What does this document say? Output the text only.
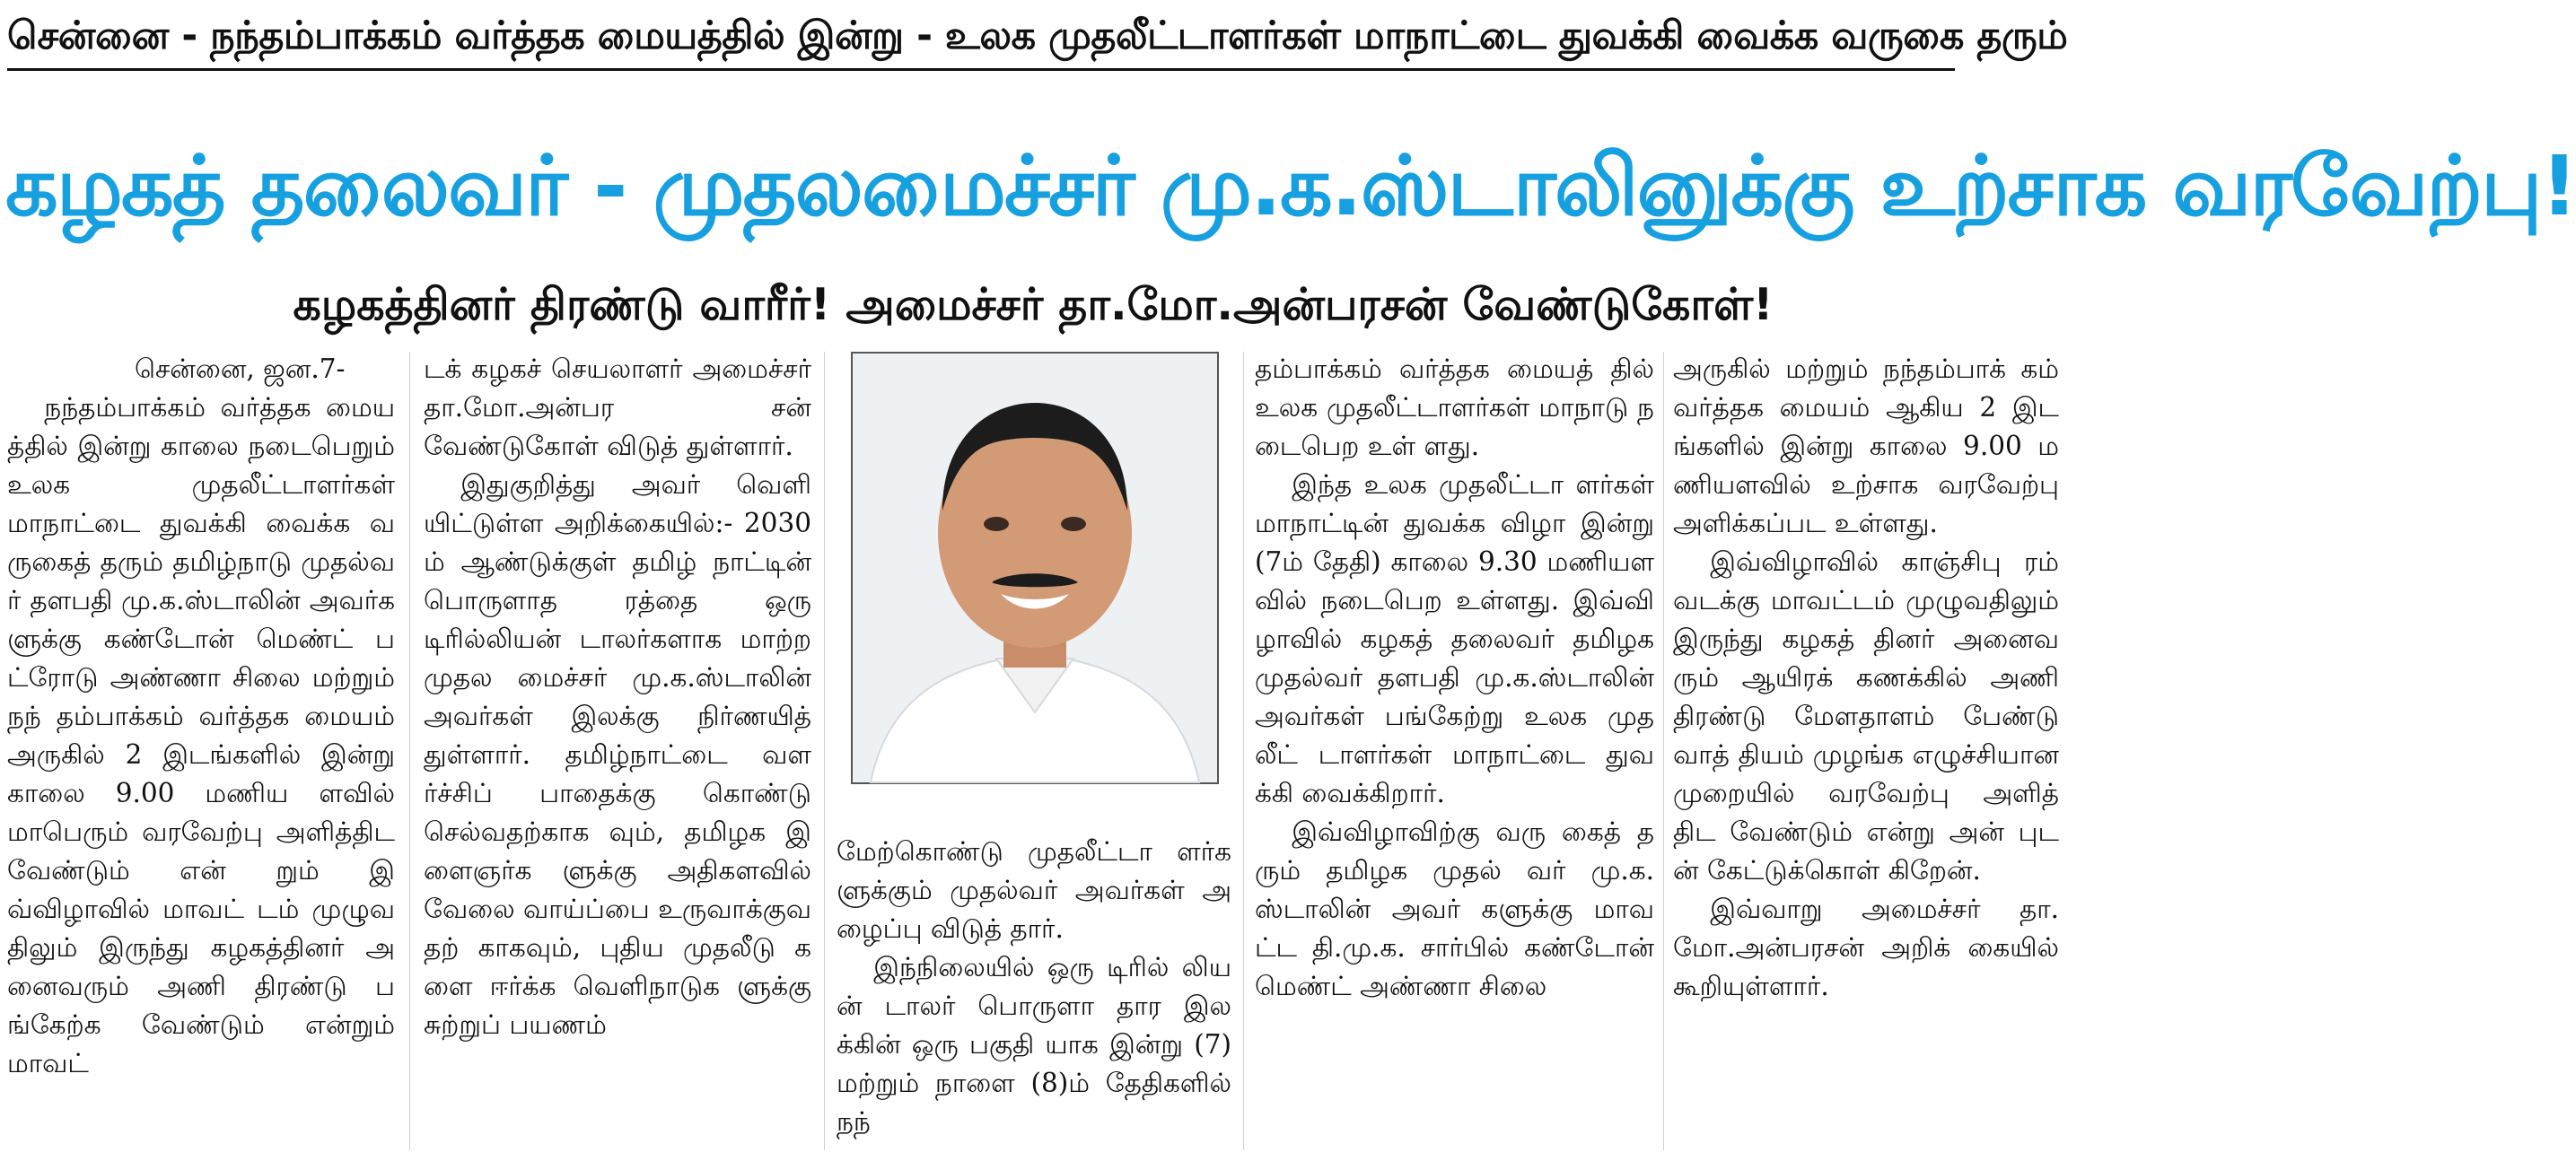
சென்னை - நந்தம்பாக்கம் வர்த்தக மையத்தில் இன்று - உலக முதலீட்டாளர்கள் மாநாட்டை துவக்கி வைக்க வருகை தரும்
கழகத் தலைவர் - முதலமைச்சர் மு.க.ஸ்டாலினுக்கு உற்சாக வரவேற்பு!
கழகத்தினர் திரண்டு வாரீர்! அமைச்சர் தா.மோ.அன்பரசன் வேண்டுகோள்!

சென்னை, ஜன.7-

நந்தம்பாக்கம் வர்த்தக மையத்தில் இன்று காலை நடைபெறும் உலக முதலீட்டாளர்கள் மாநாட்டை துவக்கி வைக்க வருகைத் தரும் தமிழ்நாடு முதல்வர் தளபதி மு.க.ஸ்டாலின் அவர்களுக்கு கண்டோன் மெண்ட் பட்ரோடு அண்ணா சிலை மற்றும் நந் தம்பாக்கம் வர்த்தக மையம் அருகில் 2 இடங்களில் இன்று காலை 9.00 மணிய ளவில் மாபெரும் வரவேற்பு அளித்திட வேண்டும் என் றும் இவ்விழாவில் மாவட் டம் முழுவதிலும் இருந்து கழகத்தினர் அனைவரும் அணி திரண்டு பங்கேற்க வேண்டும் என்றும் மாவட்

டக் கழகச் செயலாளர் அமைச்சர் தா.மோ.அன்பர சன் வேண்டுகோள் விடுத் துள்ளார்.

இதுகுறித்து அவர் வெளி யிட்டுள்ள அறிக்கையில்:- 2030ம் ஆண்டுக்குள் தமிழ் நாட்டின் பொருளாத ரத்தை ஒரு டிரில்லியன் டாலர்களாக மாற்ற முதல மைச்சர் மு.க.ஸ்டாலின் அவர்கள் இலக்கு நிர்ணயித் துள்ளார். தமிழ்நாட்டை வளர்ச்சிப் பாதைக்கு கொண்டு செல்வதற்காக வும், தமிழக இளைஞர்க ளுக்கு அதிகளவில் வேலை வாய்ப்பை உருவாக்குவதற் காகவும், புதிய முதலீடு களை ஈர்க்க வெளிநாடுக ளுக்கு சுற்றுப் பயணம்

மேற்கொண்டு முதலீட்டா ளர்களுக்கும் முதல்வர் அவர்கள் அழைப்பு விடுத் தார்.

இந்நிலையில் ஒரு டிரில் லியன் டாலர் பொருளா தார இலக்கின் ஒரு பகுதி யாக இன்று (7) மற்றும் நாளை (8)ம் தேதிகளில் நந்

தம்பாக்கம் வர்த்தக மையத் தில் உலக முதலீட்டாளர்கள் மாநாடு நடைபெற உள் ளது.

இந்த உலக முதலீட்டா ளர்கள் மாநாட்டின் துவக்க விழா இன்று (7ம் தேதி) காலை 9.30 மணியளவில் நடைபெற உள்ளது. இவ்வி ழாவில் கழகத் தலைவர் தமிழக முதல்வர் தளபதி மு.க.ஸ்டாலின் அவர்கள் பங்கேற்று உலக முதலீட் டாளர்கள் மாநாட்டை துவக்கி வைக்கிறார்.

இவ்விழாவிற்கு வரு கைத் தரும் தமிழக முதல் வர் மு.க.ஸ்டாலின் அவர் களுக்கு மாவட்ட தி.மு.க. சார்பில் கண்டோன் மெண்ட் அண்ணா சிலை

அருகில் மற்றும் நந்தம்பாக் கம் வர்த்தக மையம் ஆகிய 2 இடங்களில் இன்று காலை 9.00 மணியளவில் உற்சாக வரவேற்பு அளிக்கப்பட உள்ளது.

இவ்விழாவில் காஞ்சிபு ரம் வடக்கு மாவட்டம் முழுவதிலும் இருந்து கழகத் தினர் அனைவரும் ஆயிரக் கணக்கில் அணி திரண்டு மேளதாளம் பேண்டு வாத் தியம் முழங்க எழுச்சியான முறையில் வரவேற்பு அளித் திட வேண்டும் என்று அன் புடன் கேட்டுக்கொள் கிறேன்.

இவ்வாறு அமைச்சர் தா.மோ.அன்பரசன் அறிக் கையில் கூறியுள்ளார்.
